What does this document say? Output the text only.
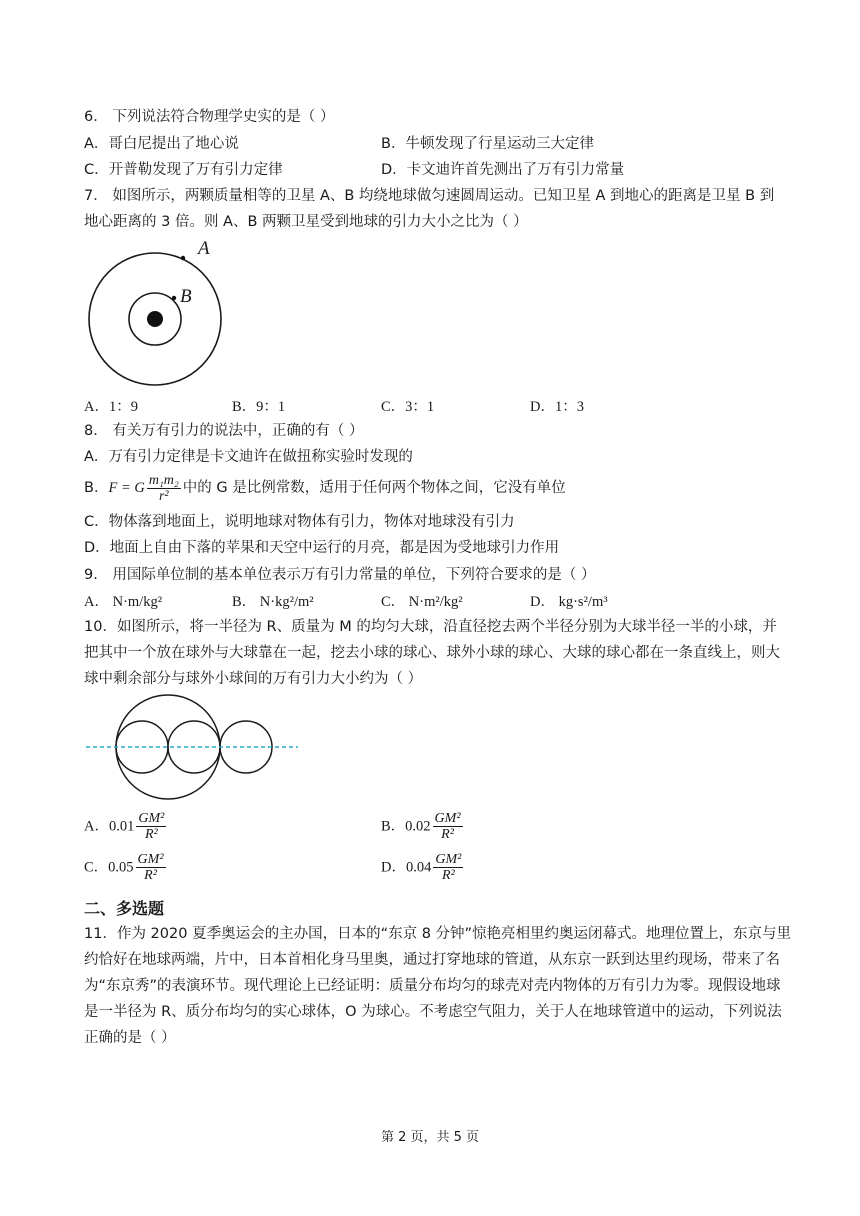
6． 下列说法符合物理学史实的是（ ）
A．哥白尼提出了地心说	B．牛顿发现了行星运动三大定律
C．开普勒发现了万有引力定律	D．卡文迪许首先测出了万有引力常量
7． 如图所示，两颗质量相等的卫星 A、B 均绕地球做匀速圆周运动。已知卫星 A 到地心的距离是卫星 B 到
地心距离的 3 倍。则 A、B 两颗卫星受到地球的引力大小之比为（ ）
A
B
A．1：9	B．9：1	C．3：1	D．1：3
8． 有关万有引力的说法中，正确的有（ ）
A．万有引力定律是卡文迪许在做扭称实验时发现的
B．F = G $\frac{\text{m₁m₂}}{\text{r²}}$ 中的 G 是比例常数，适用于任何两个物体之间，它没有单位
C．物体落到地面上，说明地球对物体有引力，物体对地球没有引力
D．地面上自由下落的苹果和天空中运行的月亮，都是因为受地球引力作用
9． 用国际单位制的基本单位表示万有引力常量的单位，下列符合要求的是（ ）
A． N·m/kg²	B． N·kg²/m²	C． N·m²/kg²	D． kg·s²/m³
10．如图所示，将一半径为 R、质量为 M 的均匀大球，沿直径挖去两个半径分别为大球半径一半的小球，并
把其中一个放在球外与大球靠在一起，挖去小球的球心、球外小球的球心、大球的球心都在一条直线上，则大
球中剩余部分与球外小球间的万有引力大小约为（ ）
A．$0.01 \frac{\text{GM²}}{\text{R²}}$	B．$0.02 \frac{\text{GM²}}{\text{R²}}$
C．$0.05 \frac{\text{GM²}}{\text{R²}}$	D．$0.04 \frac{\text{GM²}}{\text{R²}}$
二、多选题
11．作为 2020 夏季奥运会的主办国，日本的“东京 8 分钟”惊艳亮相里约奥运闭幕式。地理位置上，东京与里
约恰好在地球两端，片中，日本首相化身马里奥，通过打穿地球的管道，从东京一跃到达里约现场，带来了名
为“东京秀”的表演环节。现代理论上已经证明：质量分布均匀的球壳对壳内物体的万有引力为零。现假设地球
是一半径为 R、质分布均匀的实心球体，O 为球心。不考虑空气阻力，关于人在地球管道中的运动，下列说法
正确的是（ ）
第 2 页，共 5 页
